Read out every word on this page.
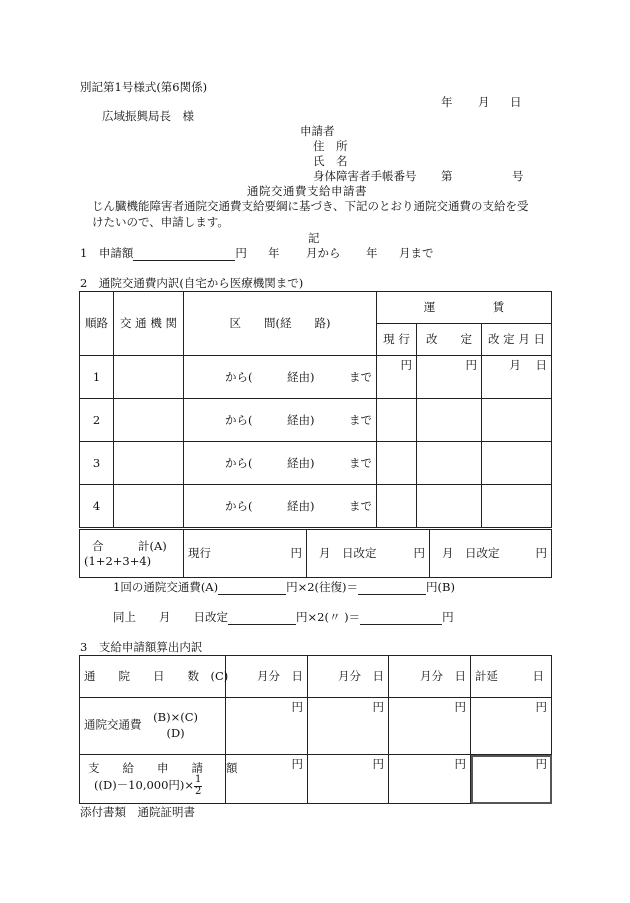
別記第1号様式(第6関係)
年 月 日
広域振興局長　様
申請者
住　所
氏　名
身体障害者手帳番号 第	号
通院交通費支給申請書
じん臓機能障害者通院交通費支給要綱に基づき、下記のとおり通院交通費の支給を受
けたいので、申請します。
記
1　申請額	円 年 月から 年 月まで
2　通院交通費内訳(自宅から医療機関まで)
順路	交 通 機 関	区　　間(経　　路)	運　　　　　賃		
			現 行	改　　定	改 定 月 日
1		から(　　　経由)　　　まで	円	円	月 日
2		から(　　　経由)　　　まで			
3		から(　　　経由)　　　まで			
4		から(　　　経由)　　　まで			
合　　　計(A)
(1+2+3+4)
	現行	円	月　日改定	円	月　日改定	円
1回の通院交通費(A)	円×2(往復)＝	円(B)
同上　　月　　日改定	円×2(〃 )＝	円
3　支給申請額算出内訳
通　　院　　日　　数　(C)	月分　日	月分　日	月分　日	計延　　　日
通院交通費
(B)×(C)
(D)	円	円	円	円

支　　給　　申　　請　　額
((D)－10,000円)× $\frac{1}{2}$	円	円	円	円
添付書類　通院証明書
